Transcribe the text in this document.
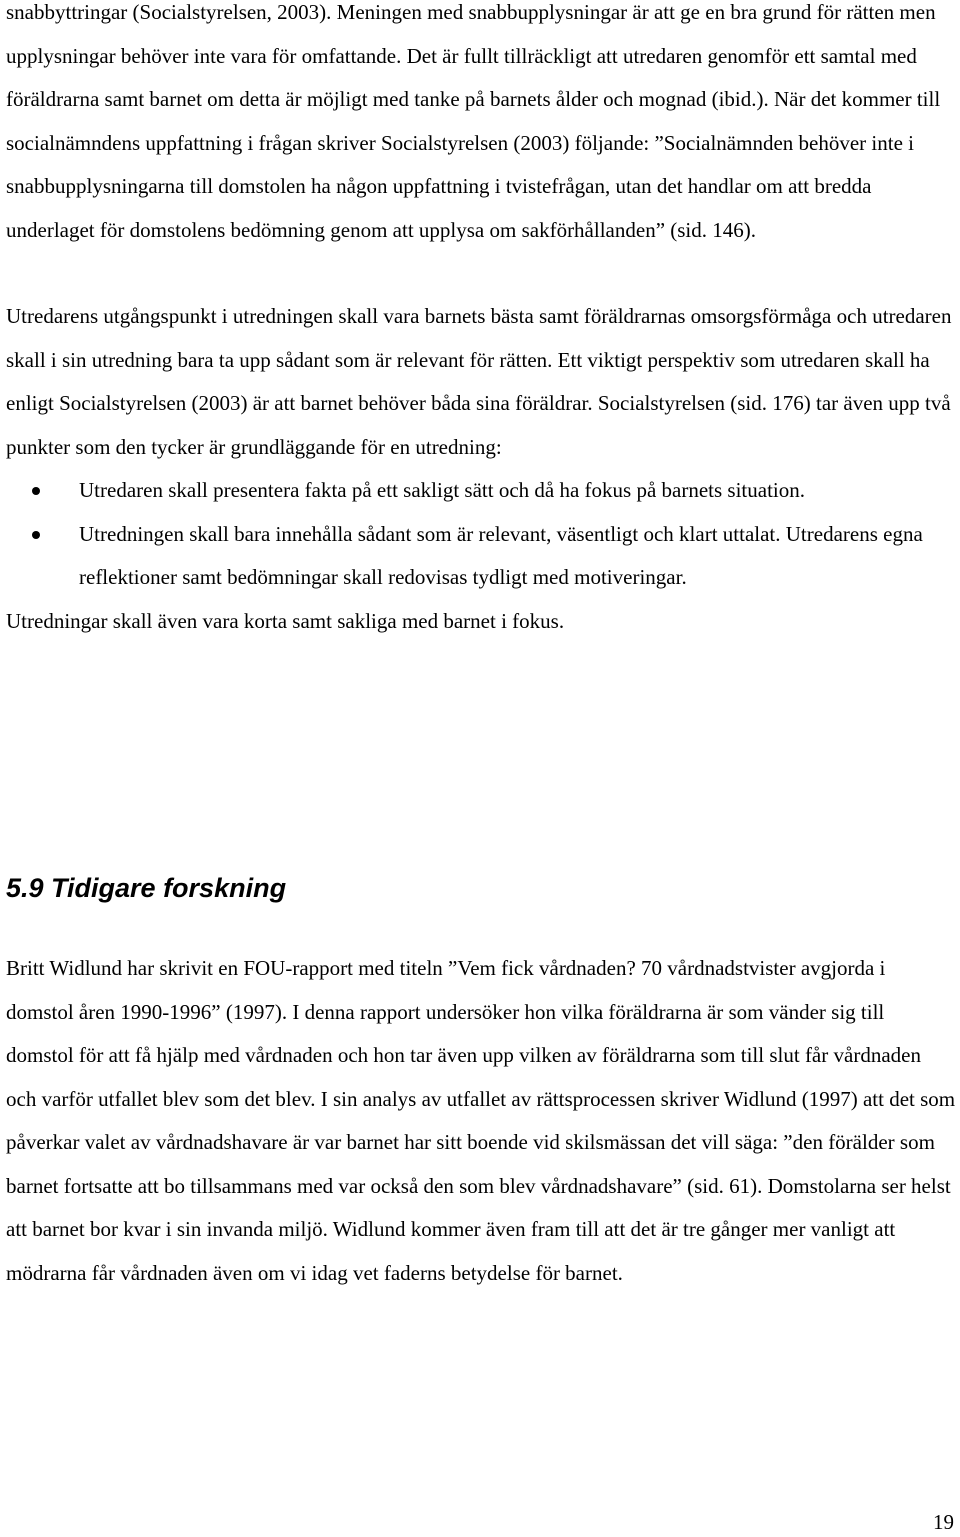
snabbyttringar (Socialstyrelsen, 2003). Meningen med snabbupplysningar är att ge en bra grund för rätten men upplysningar behöver inte vara för omfattande. Det är fullt tillräckligt att utredaren genomför ett samtal med föräldrarna samt barnet om detta är möjligt med tanke på barnets ålder och mognad (ibid.). När det kommer till socialnämndens uppfattning i frågan skriver Socialstyrelsen (2003) följande: ”Socialnämnden behöver inte i snabbupplysningarna till domstolen ha någon uppfattning i tvistefrågan, utan det handlar om att bredda underlaget för domstolens bedömning genom att upplysa om sakförhållanden” (sid. 146).

Utredarens utgångspunkt i utredningen skall vara barnets bästa samt föräldrarnas omsorgsförmåga och utredaren skall i sin utredning bara ta upp sådant som är relevant för rätten. Ett viktigt perspektiv som utredaren skall ha enligt Socialstyrelsen (2003) är att barnet behöver båda sina föräldrar. Socialstyrelsen (sid. 176) tar även upp två punkter som den tycker är grundläggande för en utredning:

Utredaren skall presentera fakta på ett sakligt sätt och då ha fokus på barnets situation.
Utredningen skall bara innehålla sådant som är relevant, väsentligt och klart uttalat. Utredarens egna reflektioner samt bedömningar skall redovisas tydligt med motiveringar.

Utredningar skall även vara korta samt sakliga med barnet i fokus.

5.9 Tidigare forskning

Britt Widlund har skrivit en FOU-rapport med titeln ”Vem fick vårdnaden? 70 vårdnadstvister avgjorda i domstol åren 1990-1996” (1997). I denna rapport undersöker hon vilka föräldrarna är som vänder sig till domstol för att få hjälp med vårdnaden och hon tar även upp vilken av föräldrarna som till slut får vårdnaden och varför utfallet blev som det blev. I sin analys av utfallet av rättsprocessen skriver Widlund (1997) att det som påverkar valet av vårdnadshavare är var barnet har sitt boende vid skilsmässan det vill säga: ”den förälder som barnet fortsatte att bo tillsammans med var också den som blev vårdnadshavare” (sid. 61). Domstolarna ser helst att barnet bor kvar i sin invanda miljö. Widlund kommer även fram till att det är tre gånger mer vanligt att mödrarna får vårdnaden även om vi idag vet faderns betydelse för barnet.

19
